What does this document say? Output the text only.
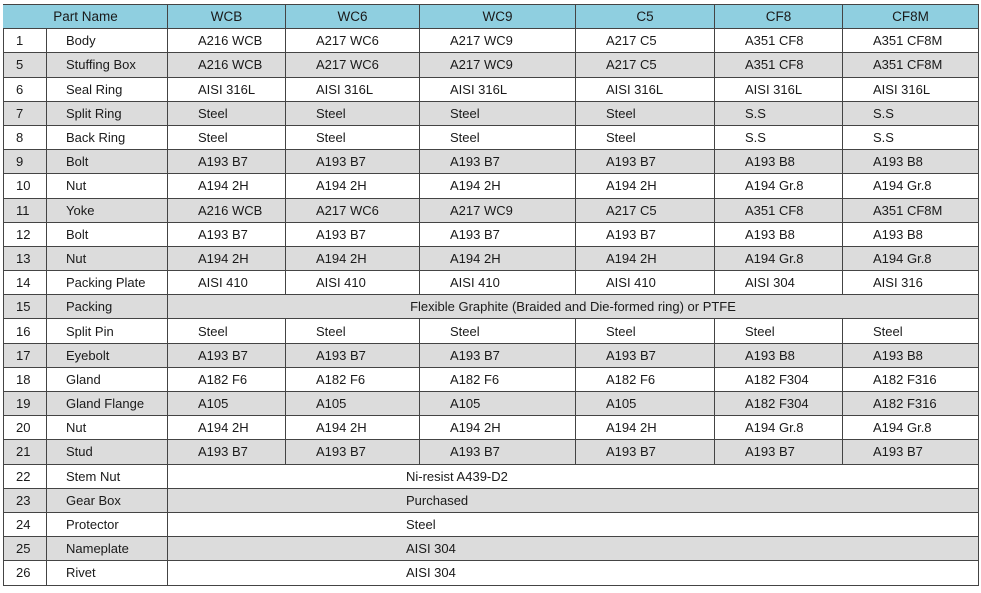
Part Name		WCB	WC6	WC9	C5	CF8	CF8M
1	Body	A216 WCB	A217 WC6	A217 WC9	A217 C5	A351 CF8	A351 CF8M
5	Stuffing Box	A216 WCB	A217 WC6	A217 WC9	A217 C5	A351 CF8	A351 CF8M
6	Seal Ring	AISI 316L	AISI 316L	AISI 316L	AISI 316L	AISI 316L	AISI 316L
7	Split Ring	Steel	Steel	Steel	Steel	S.S	S.S
8	Back Ring	Steel	Steel	Steel	Steel	S.S	S.S
9	Bolt	A193 B7	A193 B7	A193 B7	A193 B7	A193 B8	A193 B8
10	Nut	A194 2H	A194 2H	A194 2H	A194 2H	A194 Gr.8	A194 Gr.8
11	Yoke	A216 WCB	A217 WC6	A217 WC9	A217 C5	A351 CF8	A351 CF8M
12	Bolt	A193 B7	A193 B7	A193 B7	A193 B7	A193 B8	A193 B8
13	Nut	A194 2H	A194 2H	A194 2H	A194 2H	A194 Gr.8	A194 Gr.8
14	Packing Plate	AISI 410	AISI 410	AISI 410	AISI 410	AISI 304	AISI 316
15	Packing	Flexible Graphite (Braided and Die-formed ring) or PTFE					
16	Split Pin	Steel	Steel	Steel	Steel	Steel	Steel
17	Eyebolt	A193 B7	A193 B7	A193 B7	A193 B7	A193 B8	A193 B8
18	Gland	A182 F6	A182 F6	A182 F6	A182 F6	A182 F304	A182 F316
19	Gland Flange	A105	A105	A105	A105	A182 F304	A182 F316
20	Nut	A194 2H	A194 2H	A194 2H	A194 2H	A194 Gr.8	A194 Gr.8
21	Stud	A193 B7	A193 B7	A193 B7	A193 B7	A193 B7	A193 B7
22	Stem Nut	Ni-resist A439-D2					
23	Gear Box	Purchased					
24	Protector	Steel					
25	Nameplate	AISI 304					
26	Rivet	AISI 304					
